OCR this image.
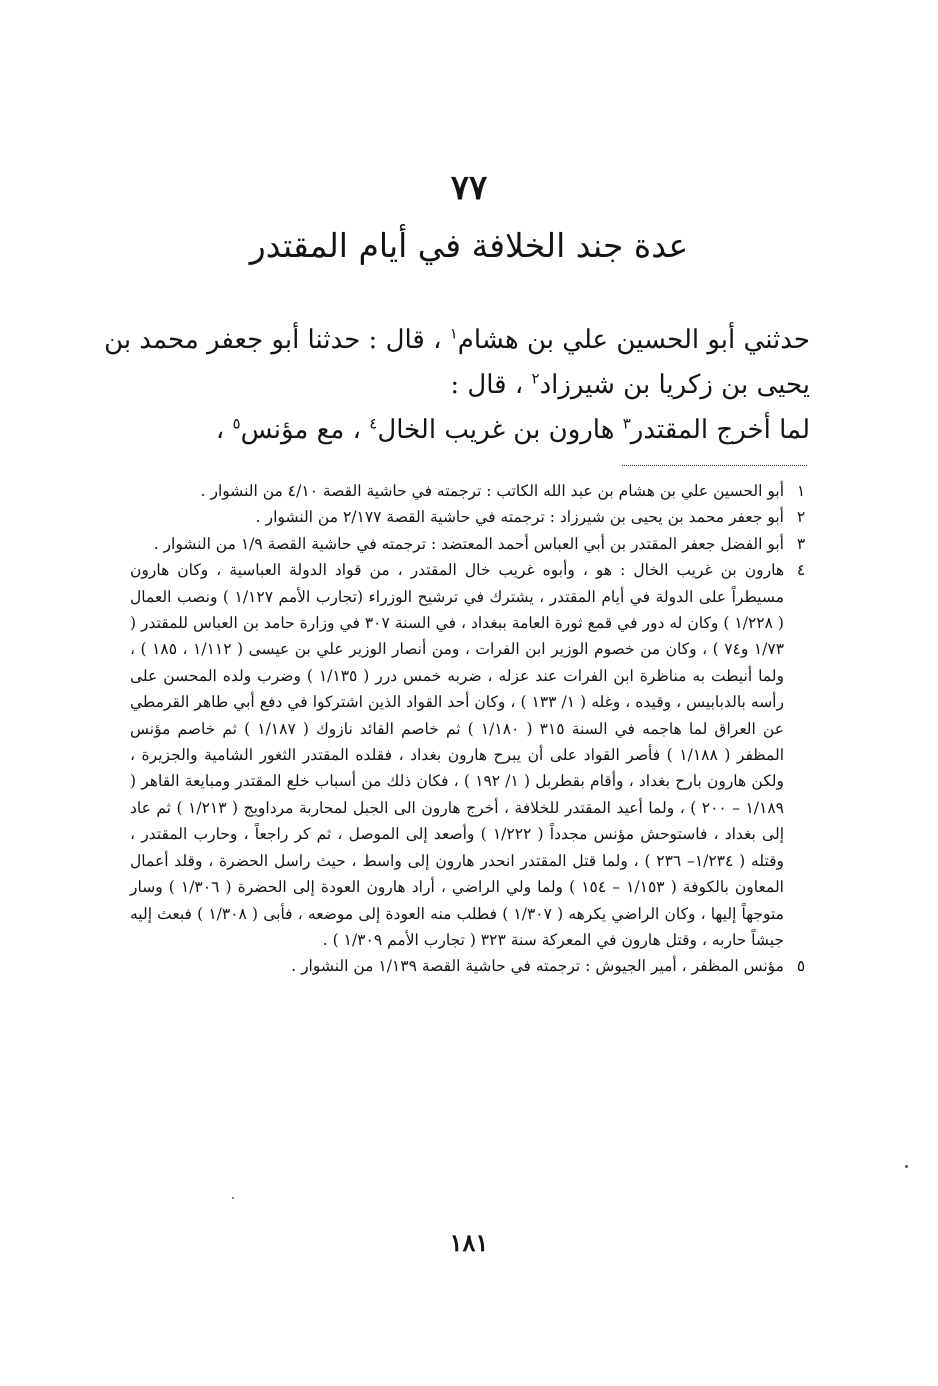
٧٧
عدة جند الخلافة في أيام المقتدر
حدثني أبو الحسين علي بن هشام$^١$ ، قال : حدثنا أبو جعفر محمد بن
يحيى بن زكريا بن شيرزاد$^٢$ ، قال :
لما أخرج المقتدر$^٣$ هارون بن غريب الخال$^٤$ ، مع مؤنس$^٥$ ،
١
أبو الحسين علي بن هشام بن عبد الله الكاتب : ترجمته في حاشية القصة ٤/١٠ من النشوار .
٢
أبو جعفر محمد بن يحيى بن شيرزاد : ترجمته في حاشية القصة ٢/١٧٧ من النشوار .
٣
أبو الفضل جعفر المقتدر بن أبي العباس أحمد المعتضد : ترجمته في حاشية القصة ١/٩ من النشوار .
٤
هارون بن غريب الخال : هو ، وأبوه غريب خال المقتدر ، من قواد الدولة العباسية ، وكان هارون مسيطراً على الدولة في أيام المقتدر ، يشترك في ترشيح الوزراء (تجارب الأمم ١/١٢٧ ) ونصب العمال ( ١/٢٢٨ ) وكان له دور في قمع ثورة العامة ببغداد ، في السنة ٣٠٧ في وزارة حامد بن العباس للمقتدر ( ١/٧٣ و٧٤ ) ، وكان من خصوم الوزير ابن الفرات ، ومن أنصار الوزير علي بن عيسى ( ١/١١٢ ، ١٨٥ ) ، ولما أنيطت به مناظرة ابن الفرات عند عزله ، ضربه خمس درر ( ١/١٣٥ ) وضرب ولده المحسن على رأسه بالدبابيس ، وقيده ، وغله ( ١/ ١٣٣ ) ، وكان أحد القواد الذين اشتركوا في دفع أبي طاهر القرمطي عن العراق لما هاجمه في السنة ٣١٥ ( ١/١٨٠ ) ثم خاصم القائد نازوك ( ١/١٨٧ ) ثم خاصم مؤنس المظفر ( ١/١٨٨ ) فأصر القواد على أن يبرح هارون بغداد ، فقلده المقتدر الثغور الشامية والجزيرة ، ولكن هارون بارح بغداد ، وأقام بقطربل ( ١/ ١٩٢ ) ، فكان ذلك من أسباب خلع المقتدر ومبايعة القاهر ( ١/١٨٩ – ٢٠٠ ) ، ولما أعيد المقتدر للخلافة ، أخرج هارون الى الجبل لمحاربة مرداويج ( ١/٢١٣ ) ثم عاد إلى بغداد ، فاستوحش مؤنس مجدداً ( ١/٢٢٢ ) وأصعد إلى الموصل ، ثم كر راجعاً ، وحارب المقتدر ، وقتله ( ١/٢٣٤– ٢٣٦ ) ، ولما قتل المقتدر انحدر هارون إلى واسط ، حيث راسل الحضرة ، وقلد أعمال المعاون بالكوفة ( ١/١٥٣ – ١٥٤ ) ولما ولي الراضي ، أراد هارون العودة إلى الحضرة ( ١/٣٠٦ ) وسار متوجهاً إليها ، وكان الراضي يكرهه ( ١/٣٠٧ ) فطلب منه العودة إلى موضعه ، فأبى ( ١/٣٠٨ ) فبعث إليه جيشاً حاربه ، وقتل هارون في المعركة سنة ٣٢٣ ( تجارب الأمم ١/٣٠٩ ) .
٥
مؤنس المظفر ، أمير الجيوش : ترجمته في حاشية القصة ١/١٣٩ من النشوار .
١٨١
